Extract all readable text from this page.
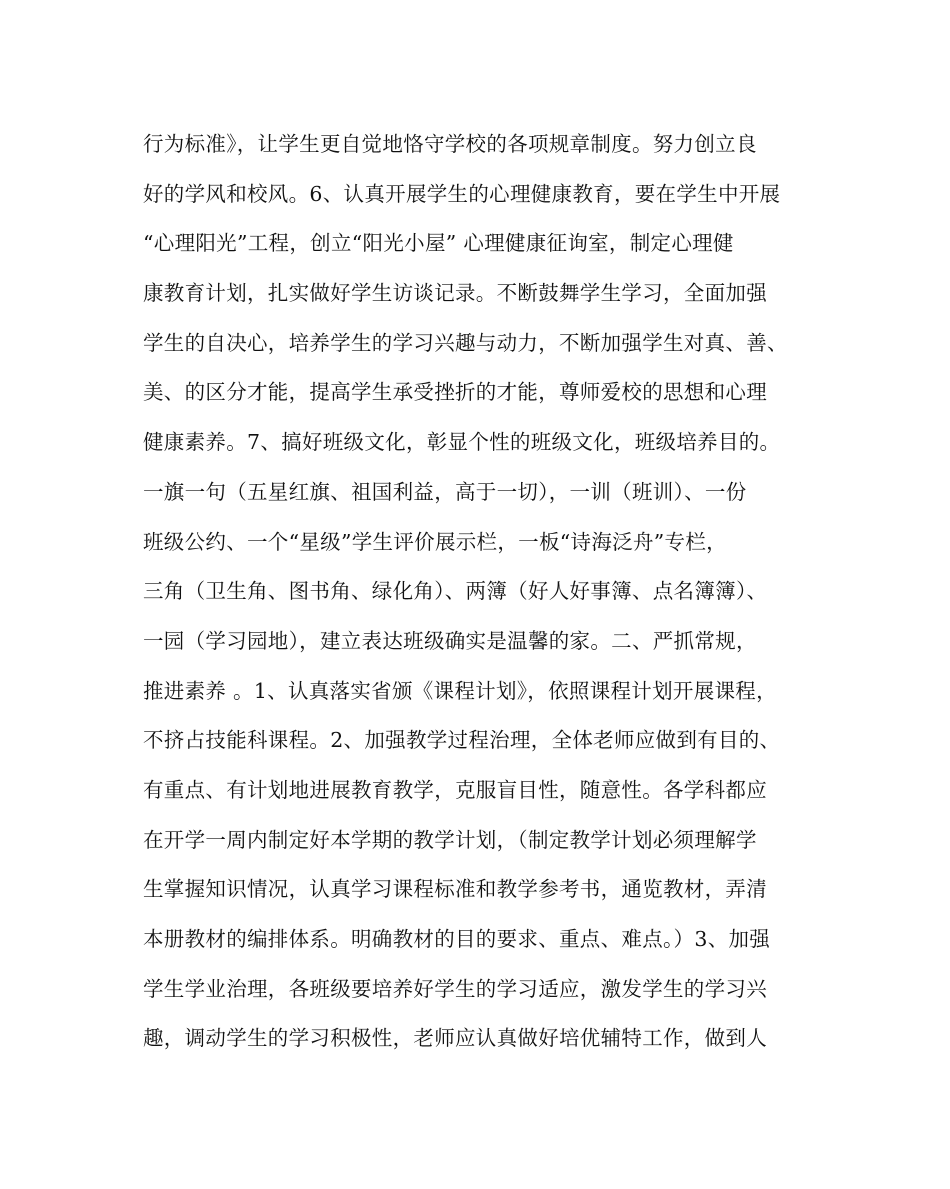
行为标准》，让学生更自觉地恪守学校的各项规章制度。努力创立良
好的学风和校风。6、认真开展学生的心理健康教育，要在学生中开展
“心理阳光”工程，创立“阳光小屋” 心理健康征询室，制定心理健
康教育计划，扎实做好学生访谈记录。不断鼓舞学生学习，全面加强
学生的自决心，培养学生的学习兴趣与动力，不断加强学生对真、善、
美、的区分才能，提高学生承受挫折的才能，尊师爱校的思想和心理
健康素养。7、搞好班级文化，彰显个性的班级文化，班级培养目的。
一旗一句（五星红旗、祖国利益，高于一切），一训（班训）、一份
班级公约、一个“星级”学生评价展示栏，一板“诗海泛舟”专栏，
三角（卫生角、图书角、绿化角）、两簿（好人好事簿、点名簿簿）、
一园（学习园地），建立表达班级确实是温馨的家。二、严抓常规，
推进素养 。1、认真落实省颁《课程计划》，依照课程计划开展课程，
不挤占技能科课程。2、加强教学过程治理，全体老师应做到有目的、
有重点、有计划地进展教育教学，克服盲目性，随意性。各学科都应
在开学一周内制定好本学期的教学计划，（制定教学计划必须理解学
生掌握知识情况，认真学习课程标准和教学参考书，通览教材，弄清
本册教材的编排体系。明确教材的目的要求、重点、难点。）3、加强
学生学业治理，各班级要培养好学生的学习适应，激发学生的学习兴
趣，调动学生的学习积极性，老师应认真做好培优辅特工作，做到人
